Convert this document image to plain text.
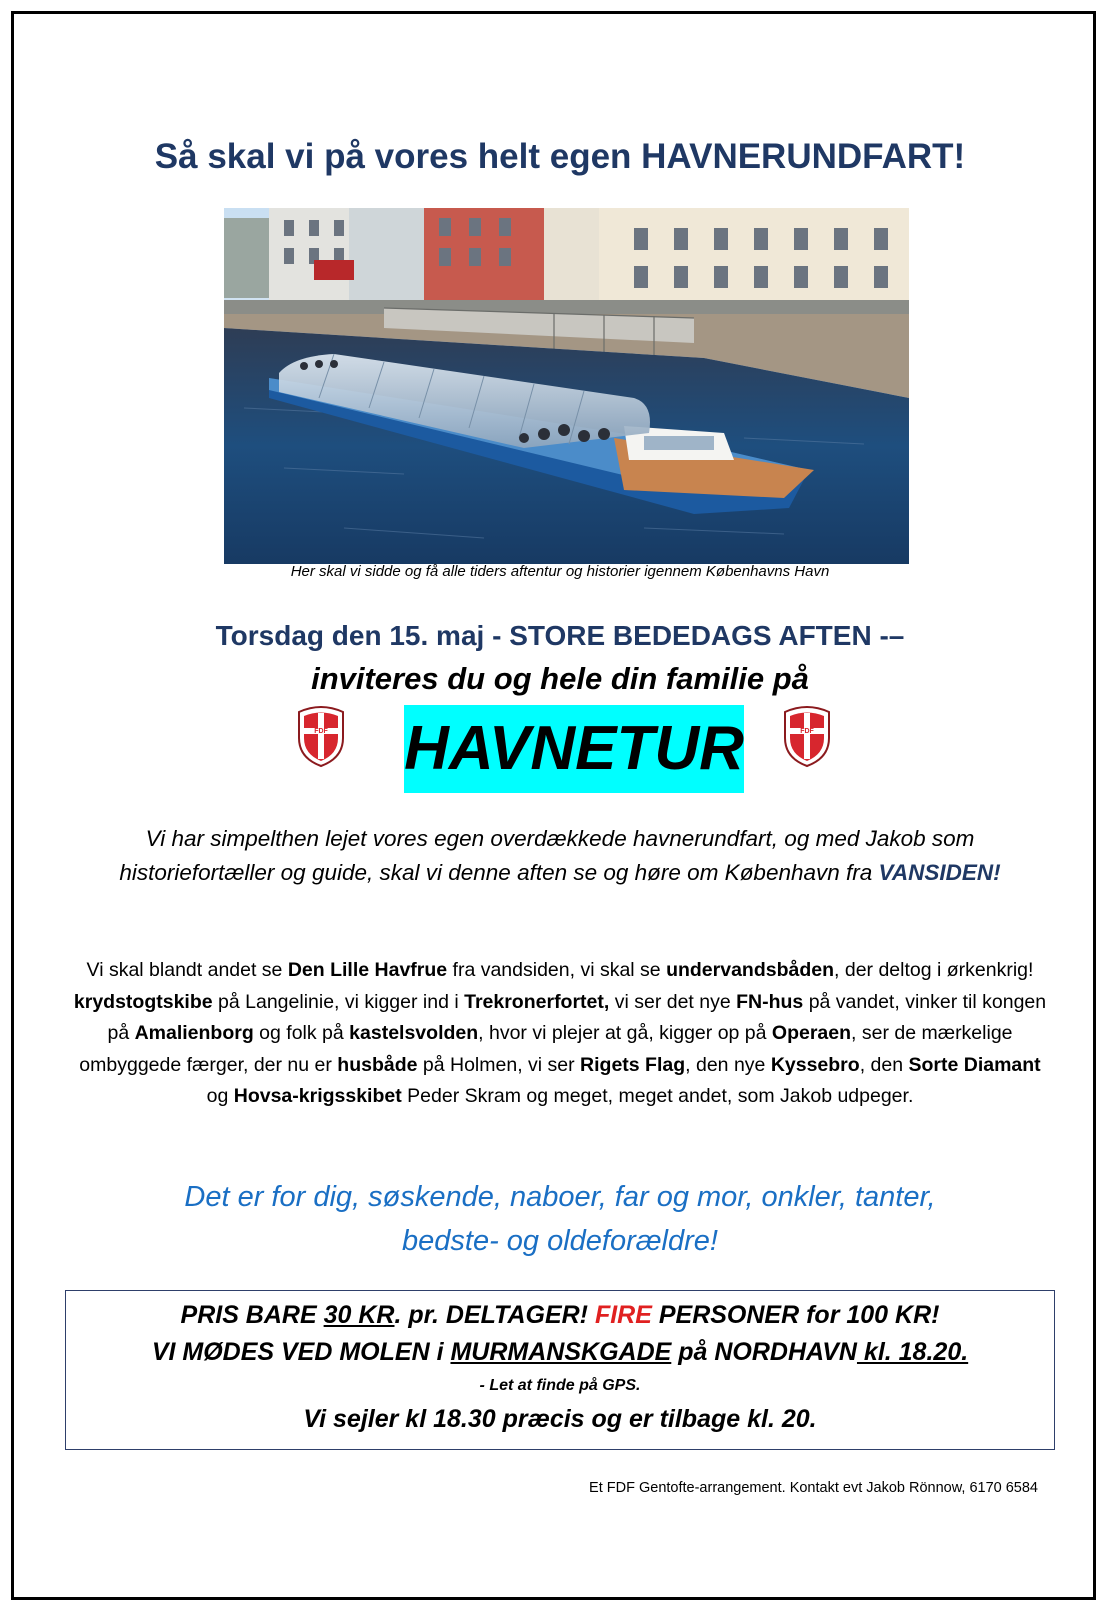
Så skal vi på vores helt egen HAVNERUNDFART!
Her skal vi sidde og få alle tiders aftentur og historier igennem Københavns Havn
Torsdag den 15. maj - STORE BEDEDAGS AFTEN -–
inviteres du og hele din familie på
FDF HAVNETUR	FDF
Vi har simpelthen lejet vores egen overdækkede havnerundfart, og med Jakob som historiefortæller og guide, skal vi denne aften se og høre om København fra VANSIDEN!
Vi skal blandt andet se Den Lille Havfrue fra vandsiden, vi skal se undervandsbåden, der deltog i ørkenkrig! krydstogtskibe på Langelinie, vi kigger ind i Trekronerfortet, vi ser det nye FN-hus på vandet, vinker til kongen på Amalienborg og folk på kastelsvolden, hvor vi plejer at gå, kigger op på Operaen, ser de mærkelige ombyggede færger, der nu er husbåde på Holmen, vi ser Rigets Flag, den nye Kyssebro, den Sorte Diamant og Hovsa-krigsskibet Peder Skram og meget, meget andet, som Jakob udpeger.
Det er for dig, søskende, naboer, far og mor, onkler, tanter,
bedste- og oldeforældre!
PRIS BARE 30 KR. pr. DELTAGER! FIRE PERSONER for 100 KR!
VI MØDES VED MOLEN i MURMANSKGADE på NORDHAVN kl. 18.20.
- Let at finde på GPS.
Vi sejler kl 18.30 præcis og er tilbage kl. 20.
Et FDF Gentofte-arrangement. Kontakt evt Jakob Rönnow, 6170 6584
